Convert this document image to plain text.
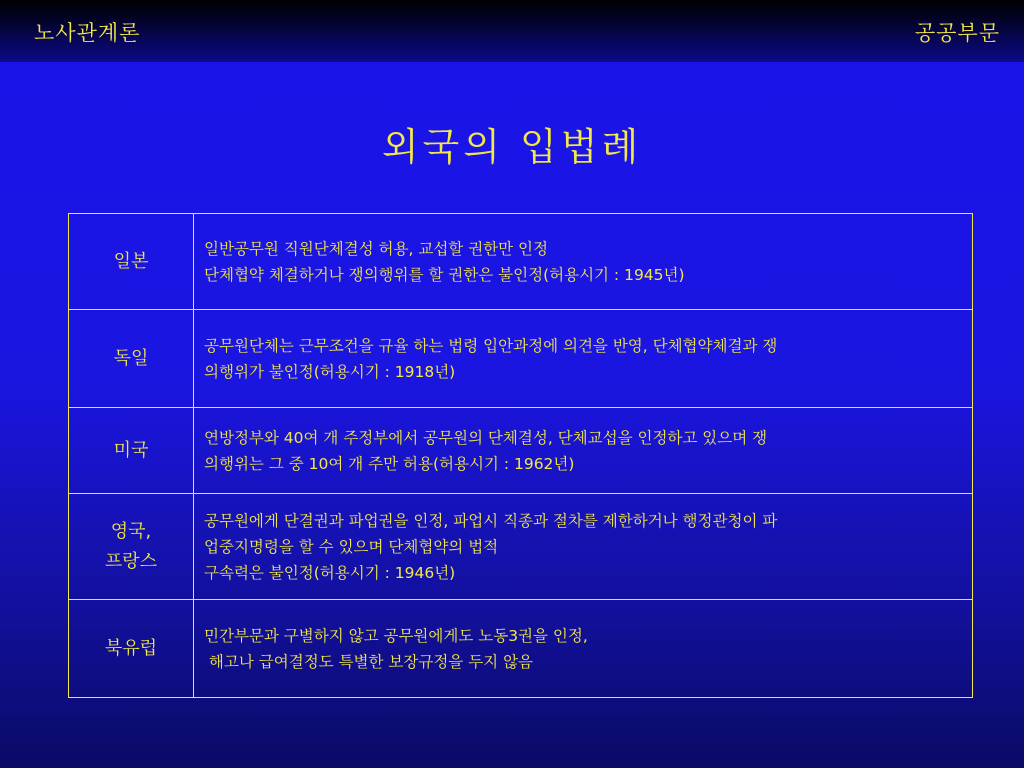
노사관계론	공공부문
외국의 입법례
일본	일반공무원 직원단체결성 허용, 교섭할 권한만 인정
단체협약 체결하거나 쟁의행위를 할 권한은 불인정(허용시기 : 1945년)

독일	공무원단체는 근무조건을 규율 하는 법령 입안과정에 의견을 반영, 단체협약체결과 쟁
의행위가 불인정(허용시기 : 1918년)

미국	연방정부와 40여 개 주정부에서 공무원의 단체결성, 단체교섭을 인정하고 있으며 쟁
의행위는 그 중 10여 개 주만 허용(허용시기 : 1962년)

영국,
프랑스	공무원에게 단결권과 파업권을 인정, 파업시 직종과 절차를 제한하거나 행정관청이 파
업중지명령을 할 수 있으며 단체협약의 법적
구속력은 불인정(허용시기 : 1946년)

북유럽	민간부문과 구별하지 않고 공무원에게도 노동3권을 인정,
해고나 급여결정도 특별한 보장규정을 두지 않음
